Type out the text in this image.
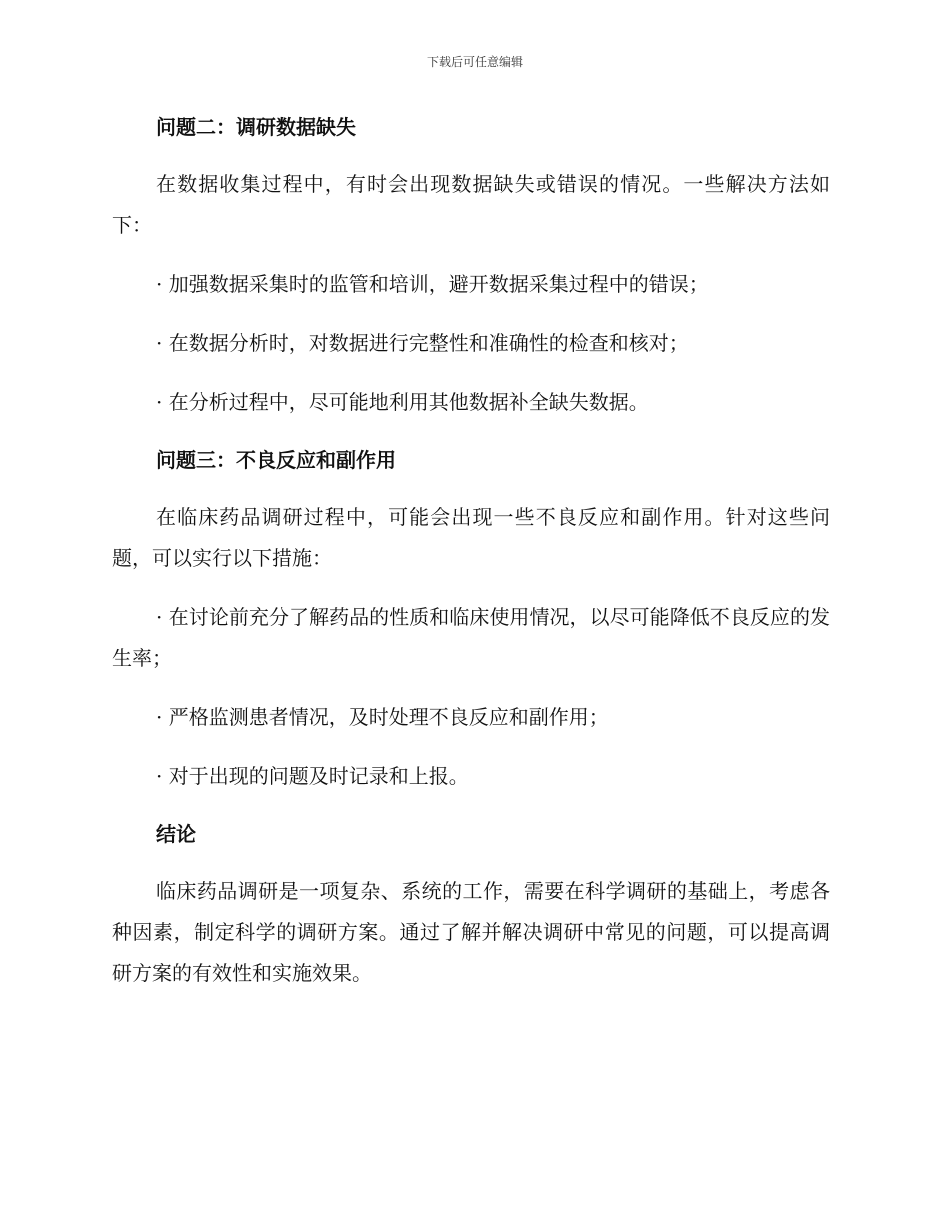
下载后可任意编辑
问题二：调研数据缺失

在数据收集过程中，有时会出现数据缺失或错误的情况。一些解决方法如下：

· 加强数据采集时的监管和培训，避开数据采集过程中的错误；

· 在数据分析时，对数据进行完整性和准确性的检查和核对；

· 在分析过程中，尽可能地利用其他数据补全缺失数据。

问题三：不良反应和副作用

在临床药品调研过程中，可能会出现一些不良反应和副作用。针对这些问题，可以实行以下措施：

· 在讨论前充分了解药品的性质和临床使用情况，以尽可能降低不良反应的发生率；

· 严格监测患者情况，及时处理不良反应和副作用；

· 对于出现的问题及时记录和上报。

结论

临床药品调研是一项复杂、系统的工作，需要在科学调研的基础上，考虑各种因素，制定科学的调研方案。通过了解并解决调研中常见的问题，可以提高调研方案的有效性和实施效果。
